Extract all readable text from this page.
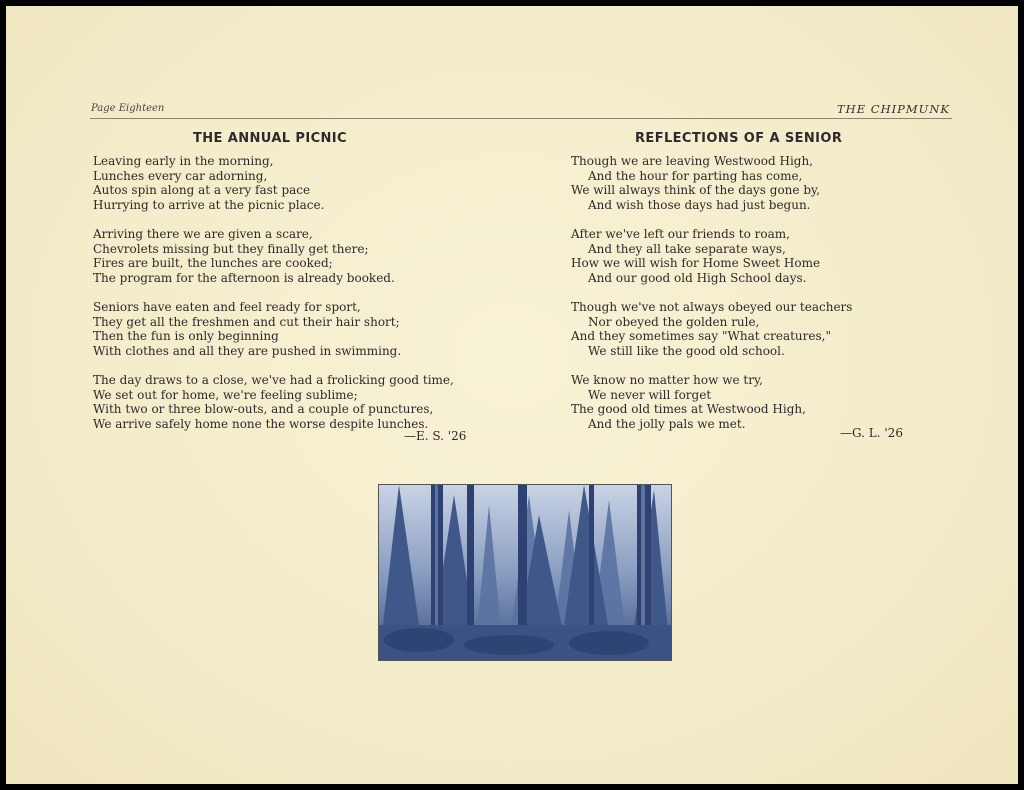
Page Eighteen	THE CHIPMUNK
THE ANNUAL PICNIC
Leaving early in the morning,
Lunches every car adorning,
Autos spin along at a very fast pace
Hurrying to arrive at the picnic place.
Arriving there we are given a scare,
Chevrolets missing but they finally get there;
Fires are built, the lunches are cooked;
The program for the afternoon is already booked.
Seniors have eaten and feel ready for sport,
They get all the freshmen and cut their hair short;
Then the fun is only beginning
With clothes and all they are pushed in swimming.
The day draws to a close, we've had a frolicking good time,
We set out for home, we're feeling sublime;
With two or three blow-outs, and a couple of punctures,
We arrive safely home none the worse despite lunches.
—E. S. '26
REFLECTIONS OF A SENIOR
Though we are leaving Westwood High,
And the hour for parting has come,
We will always think of the days gone by,
And wish those days had just begun.
After we've left our friends to roam,
And they all take separate ways,
How we will wish for Home Sweet Home
And our good old High School days.
Though we've not always obeyed our teachers
Nor obeyed the golden rule,
And they sometimes say "What creatures,"
We still like the good old school.
We know no matter how we try,
We never will forget
The good old times at Westwood High,
And the jolly pals we met.
—G. L. '26
